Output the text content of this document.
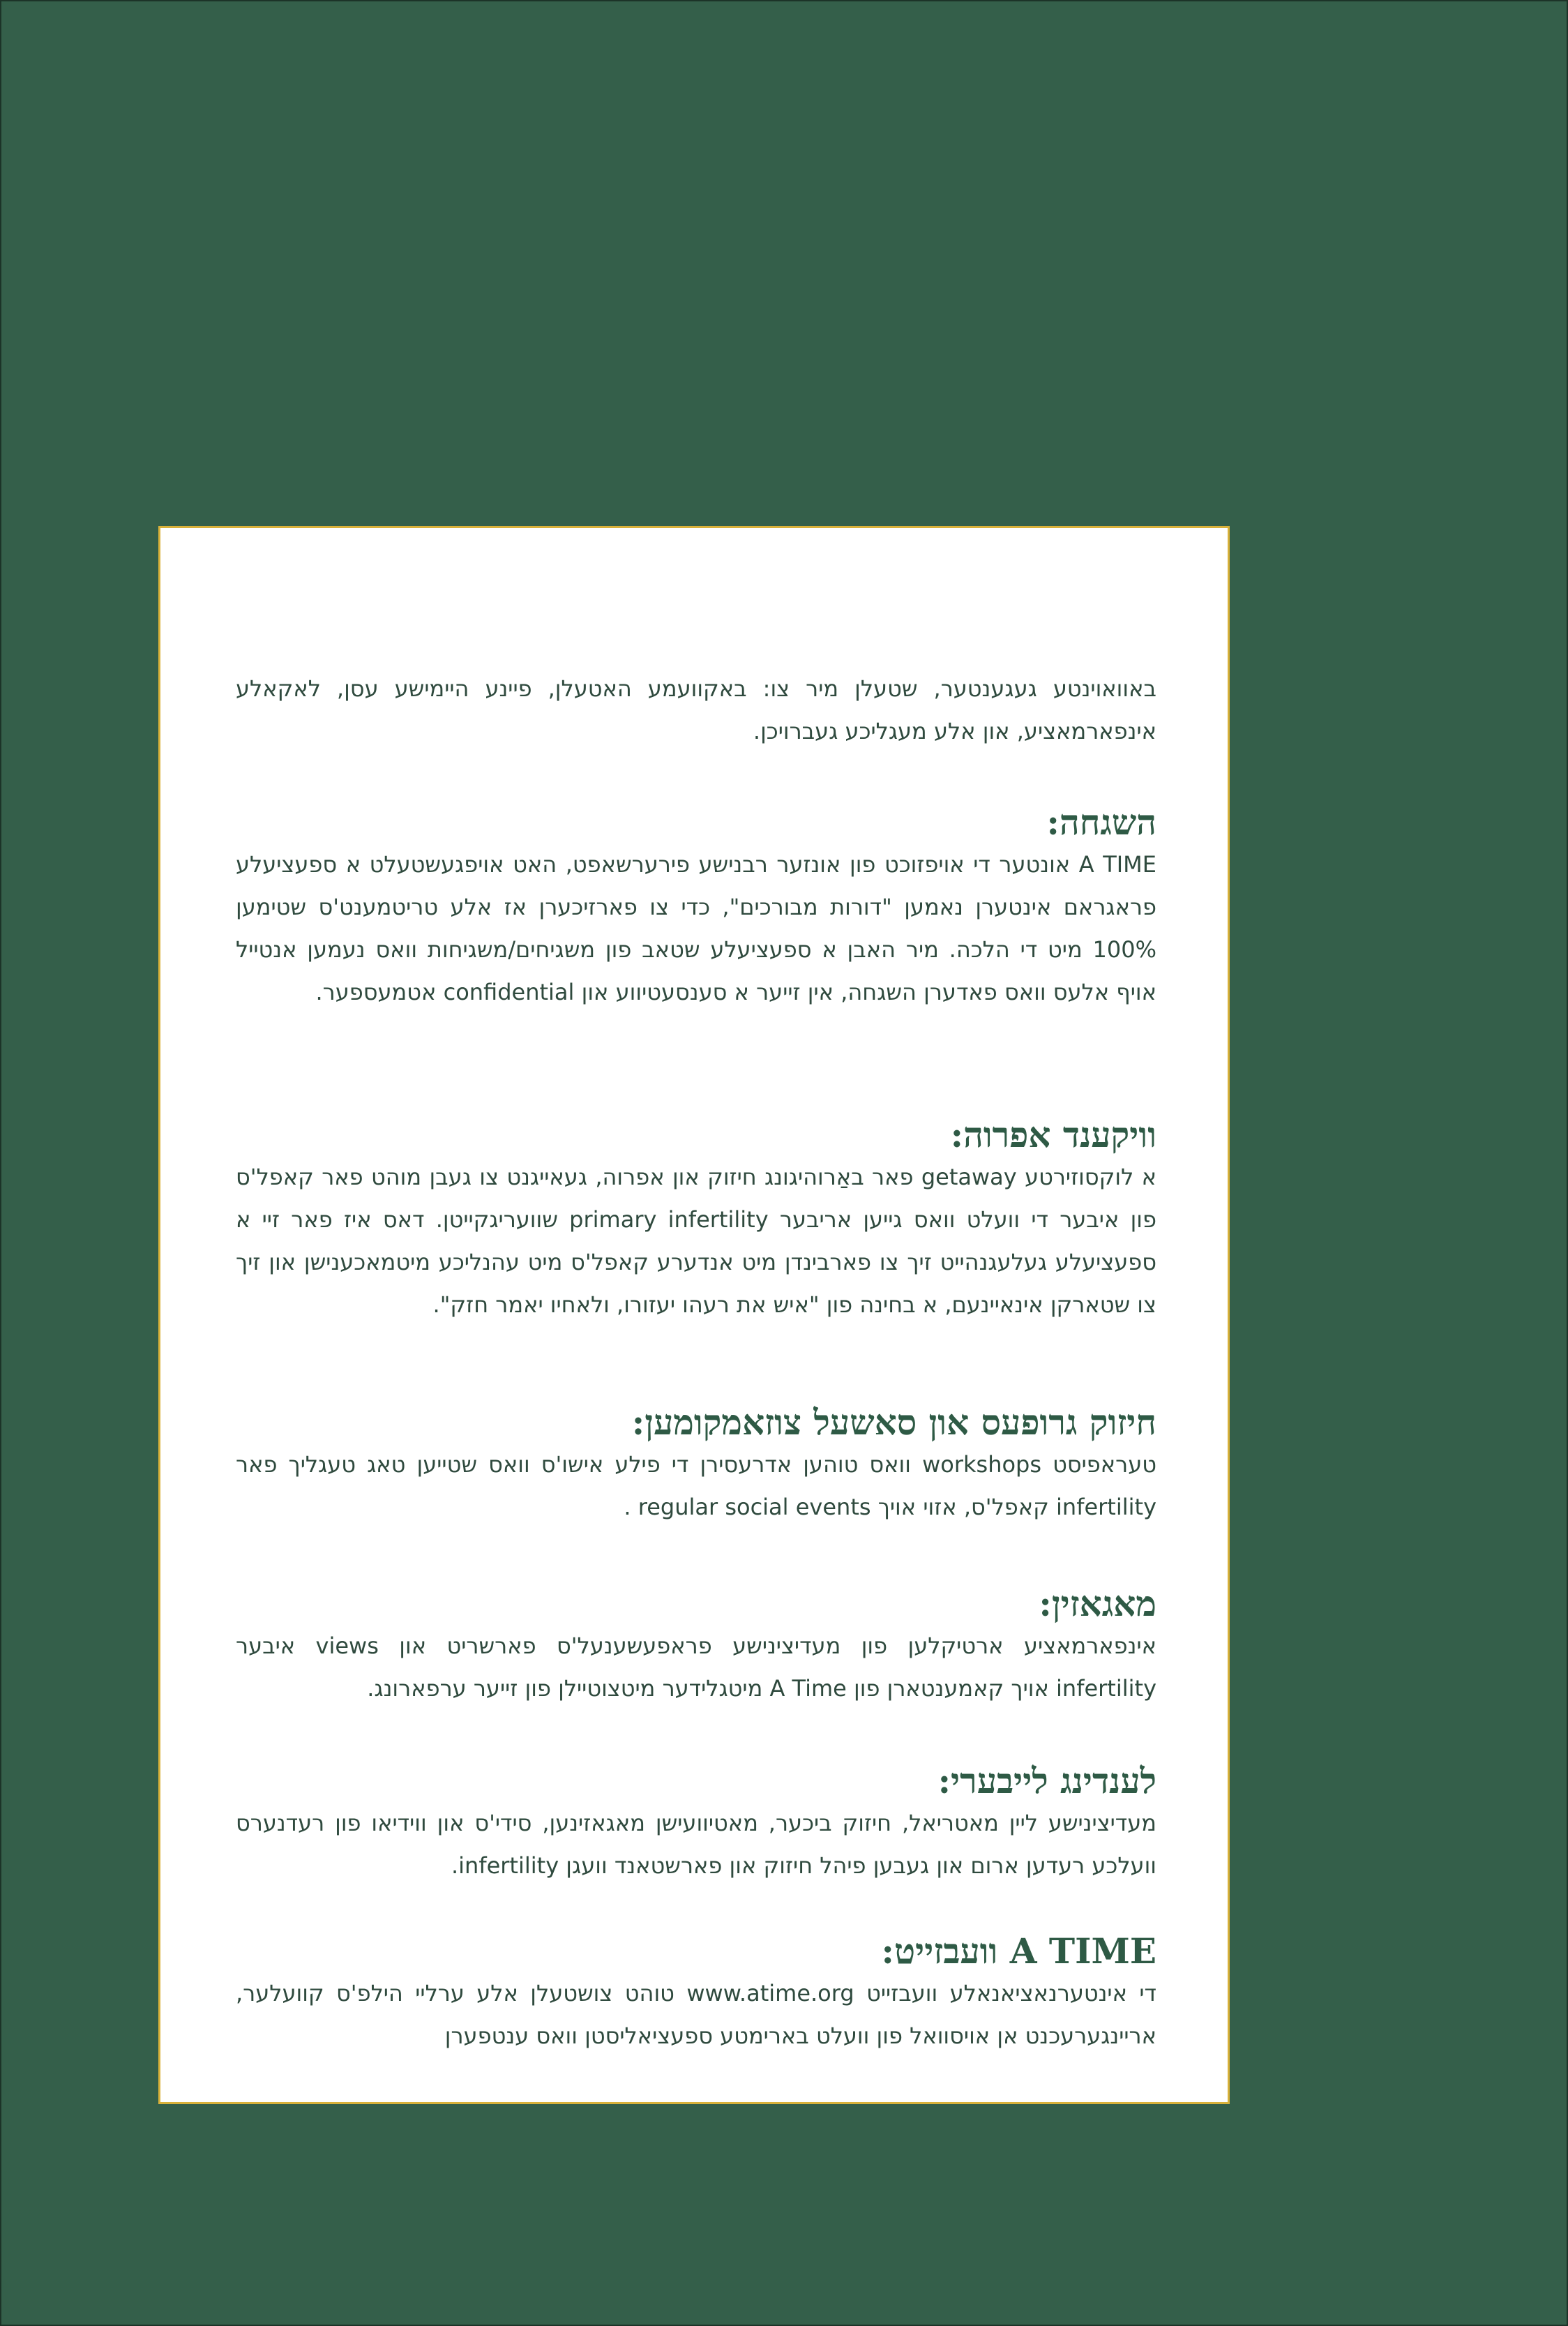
באוואוינטע געגענטער, שטעלן מיר צו: באקוועמע האטעלן, פיינע היימישע עסן, לאקאלע אינפארמאציע, און אלע מעגליכע געברויכן.

השגחה:

A TIME אונטער די אויפזוכט פון אונזער רבנישע פירערשאפט, האט אויפגעשטעלט א ספעציעלע פראגראם אינטערן נאמען "דורות מבורכים", כדי צו פארזיכערן אז אלע טריטמענט'ס שטימען 100% מיט די הלכה. מיר האבן א ספעציעלע שטאב פון משגיחים/משגיחות וואס נעמען אנטייל אויף אלעס וואס פאדערן השגחה, אין זייער א סענסעטיווע און confidential אטמעספער.

וויקענד אפרוה:

א לוקסוזירטע getaway פאר באַרוהיגונג חיזוק און אפרוה, געאייגנט צו געבן מוהט פאר קאפל'ס פון איבער די וועלט וואס גייען אריבער primary infertility שוועריגקייטן. דאס איז פאר זיי א ספעציעלע געלעגנהייט זיך צו פארבינדן מיט אנדערע קאפל'ס מיט עהנליכע מיטמאכענישן און זיך צו שטארקן אינאיינעם, א בחינה פון "איש את רעהו יעזורו, ולאחיו יאמר חזק".

חיזוק גרופעס און סאשעל צוזאמקומען:

טעראפיסט workshops וואס טוהען אדרעסירן די פילע אישו'ס וואס שטייען טאג טעגליך פאר infertility קאפל'ס, אזוי אויך regular social events .

מאגאזין:

אינפארמאציע ארטיקלען פון מעדיצינישע פראפעשענעל'ס פארשריט און views איבער infertility אויך קאמענטארן פון A Time מיטגלידער מיטצוטיילן פון זייער ערפארונג.

לענדינג לייבערי:

מעדיצינישע ליין מאטריאל, חיזוק ביכער, מאטיוועישן מאגאזינען, סידי'ס און ווידיאו פון רעדנערס וועלכע רעדען ארום און געבען פיהל חיזוק און פארשטאנד וועגן infertility.

A TIME וועבזייט:

די אינטערנאציאנאלע וועבזייט www.atime.org טוהט צושטעלן אלע ערליי הילפ'ס קוועלער, אריינגערעכנט אן אויסוואל פון וועלט בארימטע ספעציאליסטן וואס ענטפערן
